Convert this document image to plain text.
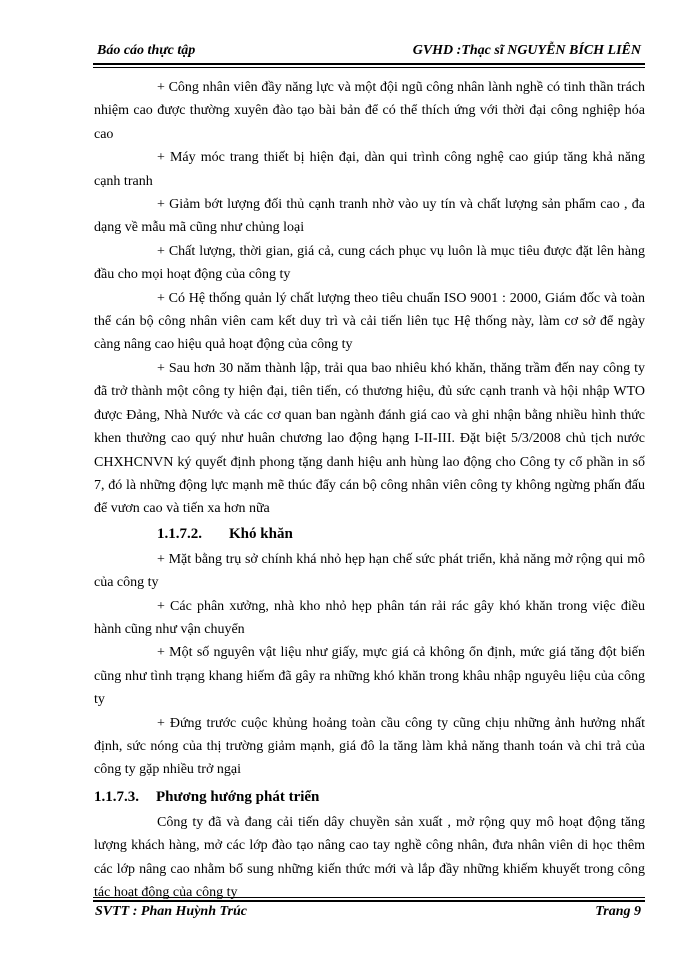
Báo cáo thực tập	GVHD :Thạc sĩ NGUYỄN BÍCH LIÊN

+ Công nhân viên đầy năng lực và một đội ngũ công nhân lành nghề có tinh thần trách nhiệm cao được thường xuyên đào tạo bài bản để có thể thích ứng với thời đại công nghiệp hóa cao

+ Máy móc trang thiết bị hiện đại, dàn qui trình công nghệ cao giúp tăng khả năng cạnh tranh

+ Giảm bớt lượng đối thủ cạnh tranh nhờ vào uy tín và chất lượng sản phẩm cao , đa dạng về mẫu mã cũng như chủng loại

+ Chất lượng, thời gian, giá cả, cung cách phục vụ luôn là mục tiêu được đặt lên hàng đầu cho mọi hoạt động của công ty

+ Có Hệ thống quản lý chất lượng theo tiêu chuẩn ISO 9001 : 2000, Giám đốc và toàn thể cán bộ công nhân viên cam kết duy trì và cải tiến liên tục Hệ thống này, làm cơ sở để ngày càng nâng cao hiệu quả hoạt động của công ty

+ Sau hơn 30 năm thành lập, trải qua bao nhiêu khó khăn, thăng trầm đến nay công ty đã trở thành một công ty hiện đại, tiên tiến, có thương hiệu, đủ sức cạnh tranh và hội nhập WTO được Đảng, Nhà Nước và các cơ quan ban ngành đánh giá cao và ghi nhận bằng nhiều hình thức khen thưởng cao quý như huân chương lao động hạng I-II-III. Đặt biệt 5/3/2008 chủ tịch nước CHXHCNVN ký quyết định phong tặng danh hiệu anh hùng lao động cho Công ty cổ phần in số 7, đó là những động lực mạnh mẽ thúc đẩy cán bộ công nhân viên công ty không ngừng phấn đấu để vươn cao và tiến xa hơn nữa

1.1.7.2. Khó khăn

+ Mặt bằng trụ sở chính khá nhỏ hẹp hạn chế sức phát triển, khả năng mở rộng qui mô của công ty

+ Các phân xưởng, nhà kho nhỏ hẹp phân tán rải rác gây khó khăn trong việc điều hành cũng như vận chuyển

+ Một số nguyên vật liệu như giấy, mực giá cả không ổn định, mức giá tăng đột biến cũng như tình trạng khang hiếm đã gây ra những khó khăn trong khâu nhập nguyêu liệu của công ty

+ Đứng trước cuộc khủng hoảng toàn cầu công ty cũng chịu những ảnh hưởng nhất định, sức nóng của thị trường giảm mạnh, giá đô la tăng làm khả năng thanh toán và chi trả của công ty gặp nhiều trở ngại

1.1.7.3. Phương hướng phát triển

Công ty đã và đang cải tiến dây chuyền sản xuất , mở rộng quy mô hoạt động tăng lượng khách hàng, mở các lớp đào tạo nâng cao tay nghề công nhân, đưa nhân viên di học thêm các lớp nâng cao nhằm bổ sung những kiến thức mới và lắp đầy những khiếm khuyết trong công tác hoạt động của công ty

SVTT : Phan Huỳnh Trúc	Trang 9
